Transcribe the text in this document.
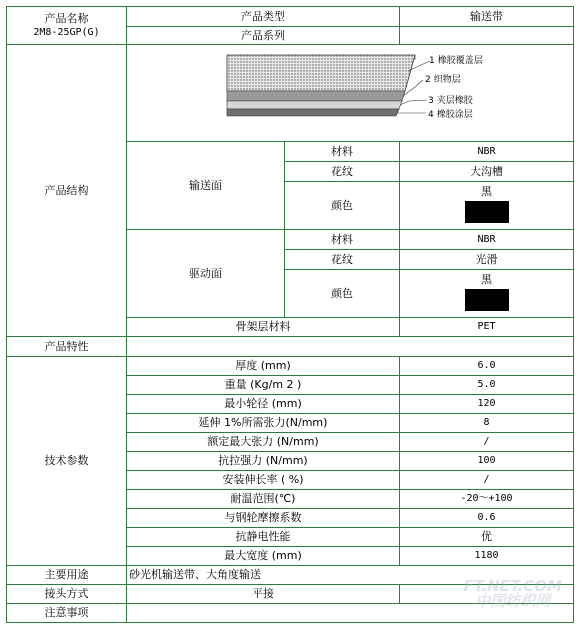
产品名称
2M8-25GP(G)	产品类型		输送带
	产品系列		
产品结构	1 橡胶覆盖层
2 织物层
3 夹层橡胶
4 橡胶涂层		

	输送面	材料	NBR
		花纹	大沟槽
		颜色	黑

	驱动面	材料	NBR
		花纹	光滑
		颜色	黑

	骨架层材料		PET
产品特性			
技术参数	厚度 (mm)		6.0
	重量 (Kg/m 2 )		5.0
	最小轮径 (mm)		120
	延伸 1%所需张力(N/mm)		8
	额定最大张力 (N/mm)		/
	抗拉强力 (N/mm)		100
	安装伸长率 ( %)		/
	耐温范围(℃)		-20～+100
	与钢轮摩擦系数		0.6
	抗静电性能		优
	最大宽度 (mm)		1180
主要用途	砂光机输送带、大角度输送		
接头方式	平接		
注意事项			
FT.NET.COM
中国纺织网
